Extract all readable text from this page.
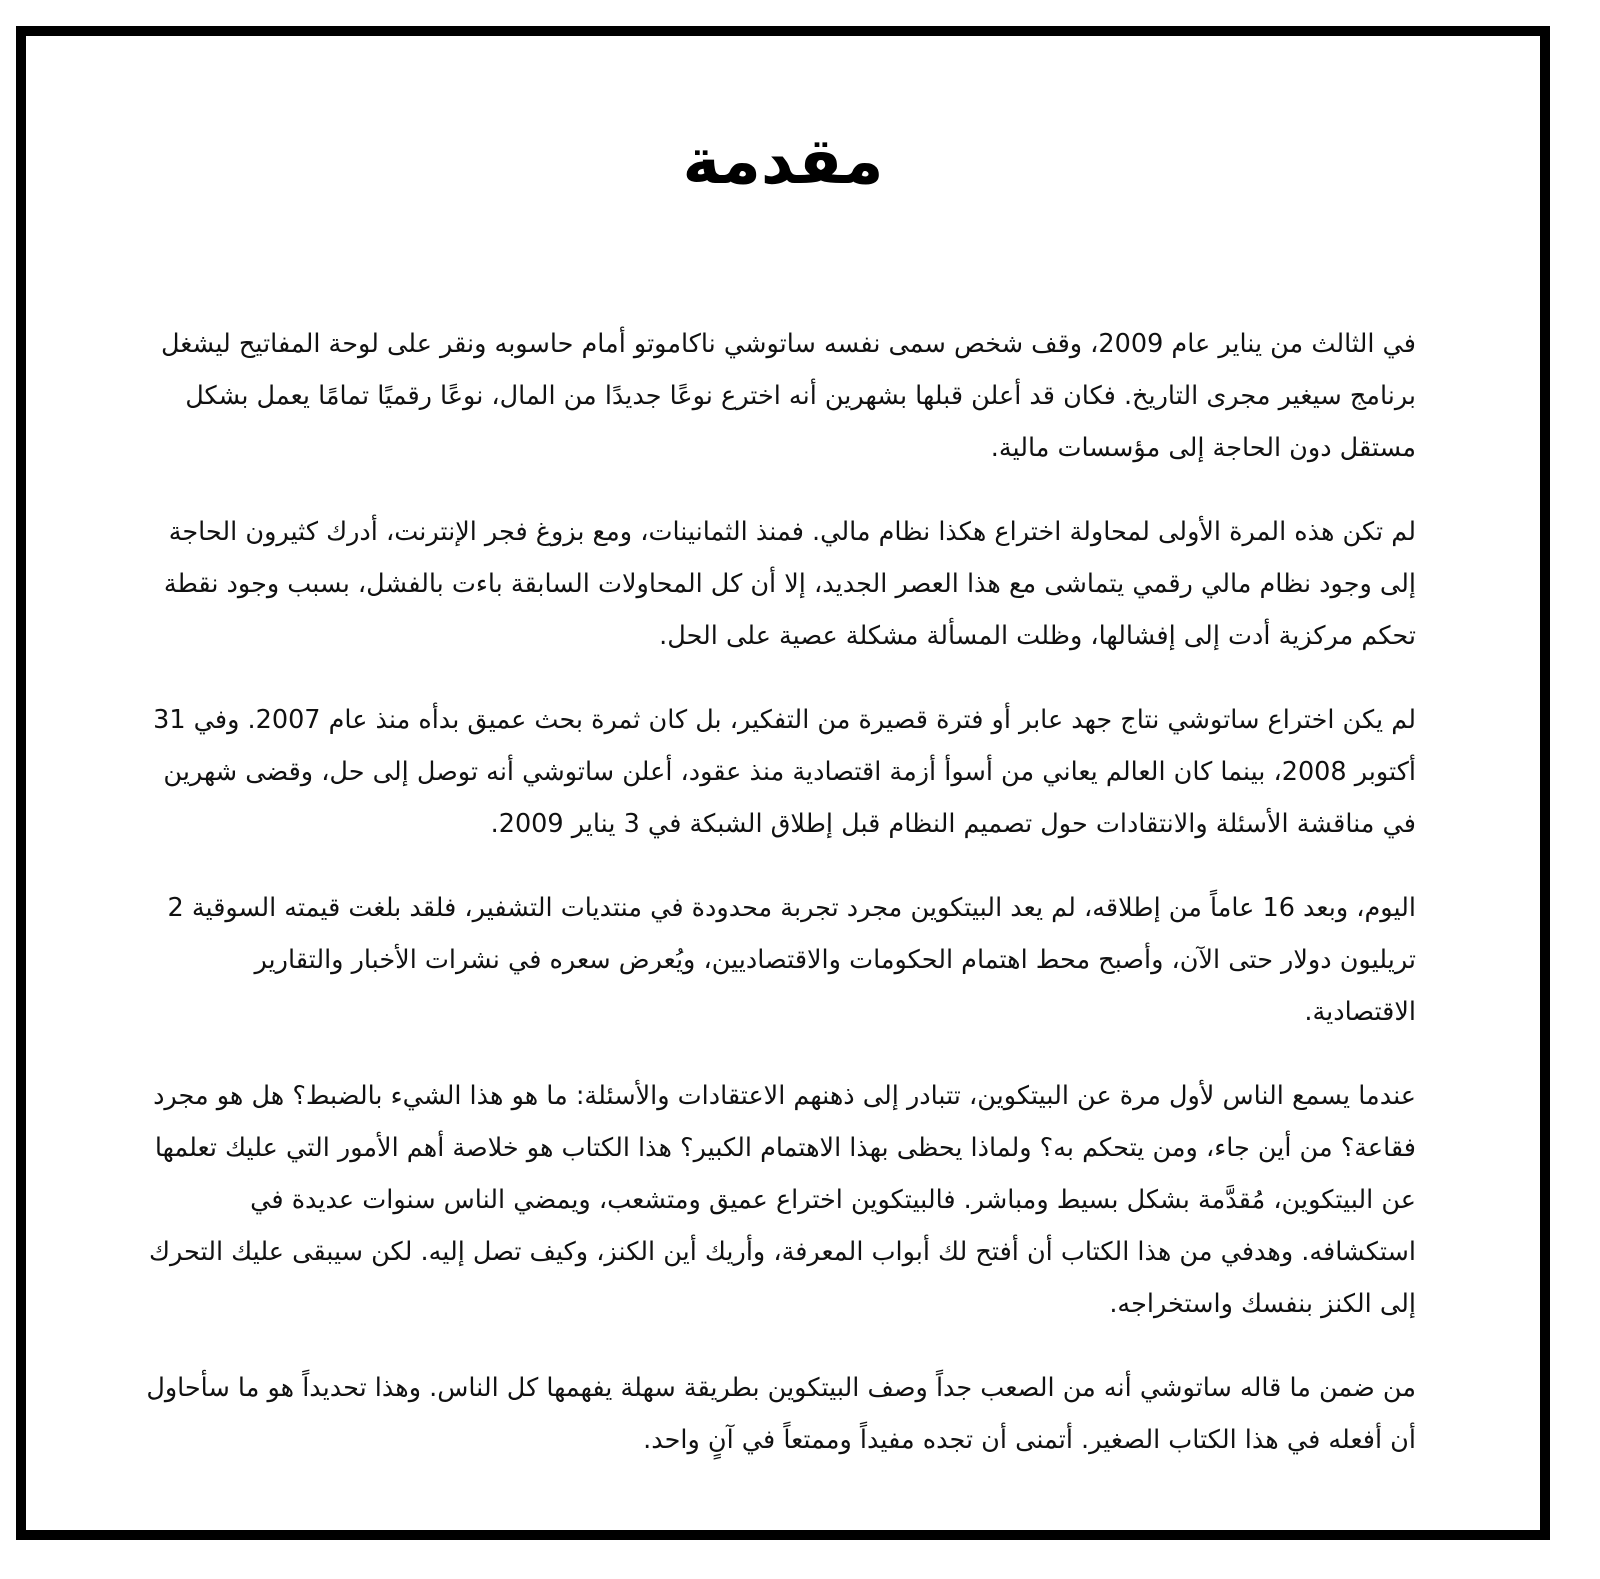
مقدمة

في الثالث من يناير عام 2009، وقف شخص سمى نفسه ساتوشي ناكاموتو أمام حاسوبه ونقر على لوحة المفاتيح ليشغل برنامج سيغير مجرى التاريخ. فكان قد أعلن قبلها بشهرين أنه اخترع نوعًا جديدًا من المال، نوعًا رقميًا تمامًا يعمل بشكل مستقل دون الحاجة إلى مؤسسات مالية.

لم تكن هذه المرة الأولى لمحاولة اختراع هكذا نظام مالي. فمنذ الثمانينات، ومع بزوغ فجر الإنترنت، أدرك كثيرون الحاجة إلى وجود نظام مالي رقمي يتماشى مع هذا العصر الجديد، إلا أن كل المحاولات السابقة باءت بالفشل، بسبب وجود نقطة تحكم مركزية أدت إلى إفشالها، وظلت المسألة مشكلة عصية على الحل.

لم يكن اختراع ساتوشي نتاج جهد عابر أو فترة قصيرة من التفكير، بل كان ثمرة بحث عميق بدأه منذ عام 2007. وفي 31 أكتوبر 2008، بينما كان العالم يعاني من أسوأ أزمة اقتصادية منذ عقود، أعلن ساتوشي أنه توصل إلى حل، وقضى شهرين في مناقشة الأسئلة والانتقادات حول تصميم النظام قبل إطلاق الشبكة في 3 يناير 2009.

اليوم، وبعد 16 عاماً من إطلاقه، لم يعد البيتكوين مجرد تجربة محدودة في منتديات التشفير، فلقد بلغت قيمته السوقية 2 تريليون دولار حتى الآن، وأصبح محط اهتمام الحكومات والاقتصاديين، ويُعرض سعره في نشرات الأخبار والتقارير الاقتصادية.

عندما يسمع الناس لأول مرة عن البيتكوين، تتبادر إلى ذهنهم الاعتقادات والأسئلة: ما هو هذا الشيء بالضبط؟ هل هو مجرد فقاعة؟ من أين جاء، ومن يتحكم به؟ ولماذا يحظى بهذا الاهتمام الكبير؟ هذا الكتاب هو خلاصة أهم الأمور التي عليك تعلمها عن البيتكوين، مُقدَّمة بشكل بسيط ومباشر. فالبيتكوين اختراع عميق ومتشعب، ويمضي الناس سنوات عديدة في استكشافه. وهدفي من هذا الكتاب أن أفتح لك أبواب المعرفة، وأريك أين الكنز، وكيف تصل إليه. لكن سيبقى عليك التحرك إلى الكنز بنفسك واستخراجه.

من ضمن ما قاله ساتوشي أنه من الصعب جداً وصف البيتكوين بطريقة سهلة يفهمها كل الناس. وهذا تحديداً هو ما سأحاول أن أفعله في هذا الكتاب الصغير. أتمنى أن تجده مفيداً وممتعاً في آنٍ واحد.
